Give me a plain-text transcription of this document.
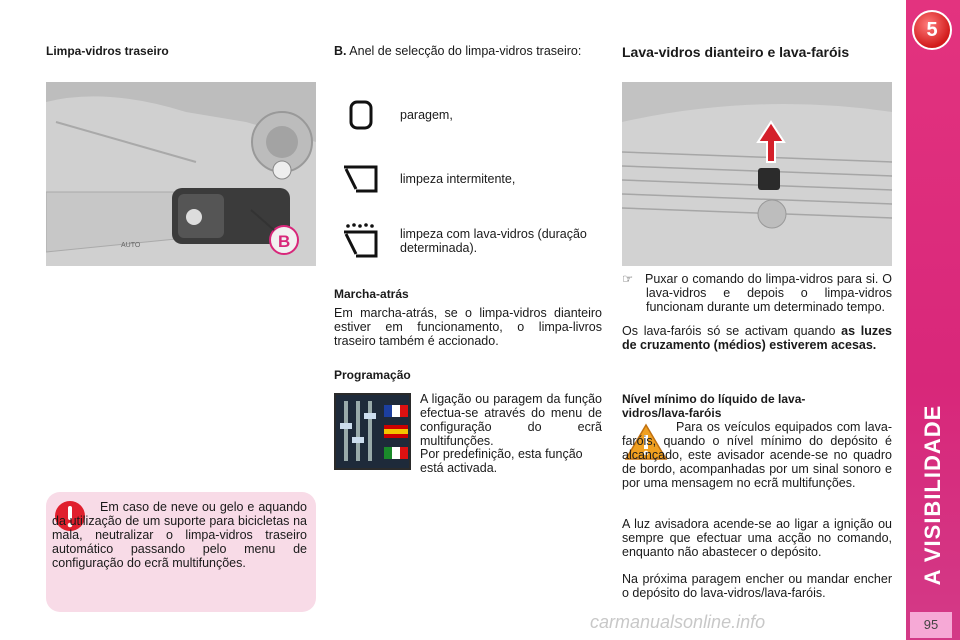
5
A VISIBILIDADE
95
Limpa-vidros traseiro
AUTO	B
Em caso de neve ou gelo e aquando da utilização de um suporte para bicicletas na mala, neutralizar o limpa-vidros traseiro automático passando pelo menu de configuração do ecrã multifunções.
B. Anel de selecção do limpa-vidros traseiro:
paragem,
limpeza intermitente,
limpeza com lava-vidros (duração determinada).
Marcha-atrás
Em marcha-atrás, se o limpa-vidros dianteiro estiver em funcionamento, o limpa-livros traseiro também é accionado.
Programação
A ligação ou paragem da função efectua-se através do menu de configuração do ecrã multifunções.
Por predefinição, esta função está activada.
Lava-vidros dianteiro e lava-faróis
☞ Puxar o comando do limpa-vidros para si. O lava-vidros e depois o limpa-vidros funcionam durante um determinado tempo.
Os lava-faróis só se activam quando as luzes de cruzamento (médios) estiverem acesas.
Nível mínimo do líquido de lava-vidros/lava-faróis
Para os veículos equipados com lava-faróis, quando o nível mínimo do depósito é alcançado, este avisador acende-se no quadro de bordo, acompanhadas por um sinal sonoro e por uma mensagem no ecrã multifunções.
A luz avisadora acende-se ao ligar a ignição ou sempre que efectuar uma acção no comando, enquanto não abastecer o depósito.
Na próxima paragem encher ou mandar encher o depósito do lava-vidros/lava-faróis.
carmanualsonline.info
